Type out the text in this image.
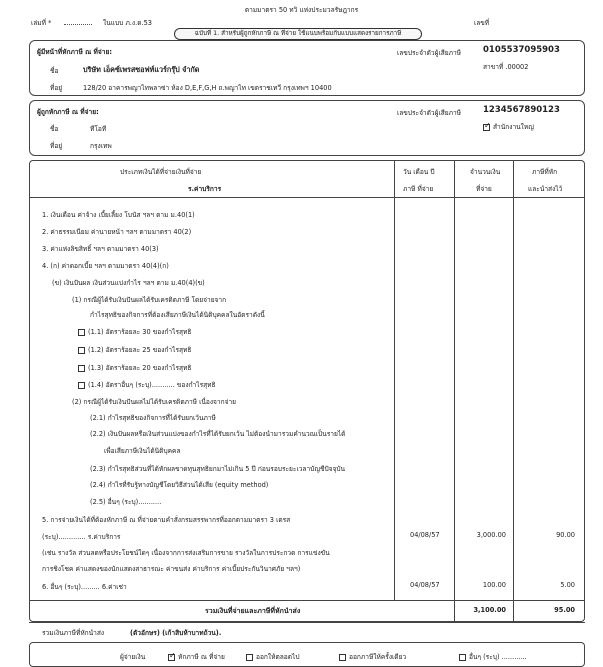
ตามมาตรา 50 ทวิ แห่งประมวลรัษฎากร
เล่มที่ *	ในแบบ ภ.ง.ด.53	เลขที่
ฉบับที่ 1. สำหรับผู้ถูกหักภาษี ณ ที่จ่าย ใช้แนบพร้อมกับแบบแสดงรายการภาษี
ผู้มีหน้าที่หักภาษี ณ ที่จ่าย:	เลขประจำตัวผู้เสียภาษี	0105537095903
สาขาที่ .00002
ชื่อ	บริษัท เอ็คซ์เพรสซอฟท์แวร์กรุ๊ป จำกัด
ที่อยู่	128/20 อาคารพญาไทพลาซ่า ห้อง D,E,F,G,H ถ.พญาไท เขตราชเทวี กรุงเทพฯ 10400
ผู้ถูกหักภาษี ณ ที่จ่าย:	เลขประจำตัวผู้เสียภาษี	1234567890123
✓สำนักงานใหญ่
ชื่อ	ทีโอที
ที่อยู่	กรุงเทพ
ประเภทเงินได้ที่จ่ายเงินที่จ่าย
ร.ค่าบริการ
วัน เดือน ปี
ภาษี ที่จ่าย
จำนวนเงิน
ที่จ่าย
ภาษีที่หัก
และนำส่งไว้
1. เงินเดือน ค่าจ้าง เบี้ยเลี้ยง โบนัส ฯลฯ ตาม ม.40(1)
2. ค่าธรรมเนียม ค่านายหน้า ฯลฯ ตามมาตรา 40(2)
3. ค่าแห่งลิขสิทธิ์ ฯลฯ ตามมาตรา 40(3)
4. (ก) ค่าดอกเบี้ย ฯลฯ ตามมาตรา 40(4)(ก)
(ข) เงินปันผล เงินส่วนแบ่งกำไร ฯลฯ ตาม ม.40(4)(ข)
(1) กรณีผู้ได้รับเงินปันผลได้รับเครดิตภาษี โดยจ่ายจาก
กำไรสุทธิของกิจการที่ต้องเสียภาษีเงินได้นิติบุคคลในอัตราดังนี้
(1.1) อัตราร้อยละ 30 ของกำไรสุทธิ
(1.2) อัตราร้อยละ 25 ของกำไรสุทธิ
(1.3) อัตราร้อยละ 20 ของกำไรสุทธิ
(1.4) อัตราอื่นๆ (ระบุ)........... ของกำไรสุทธิ
(2) กรณีผู้ได้รับเงินปันผลไม่ได้รับเครดิตภาษี เนื่องจากจ่าย
(2.1) กำไรสุทธิของกิจการที่ได้รับยกเว้นภาษี
(2.2) เงินปันผลหรือเงินส่วนแบ่งของกำไรที่ได้รับยกเว้น ไม่ต้องนำมารวมคำนวณเป็นรายได้
เพื่อเสียภาษีเงินได้นิติบุคคล
(2.3) กำไรสุทธิส่วนที่ได้หักผลขาดทุนสุทธิยกมาไม่เกิน 5 ปี ก่อนรอบระยะเวลาบัญชีปัจจุบัน
(2.4) กำไรที่รับรู้ทางบัญชีโดยวิธีส่วนได้เสีย (equity method)
(2.5) อื่นๆ (ระบุ)...........
5. การจ่ายเงินได้ที่ต้องหักภาษี ณ ที่จ่ายตามคำสั่งกรมสรรพากรที่ออกตามมาตรา 3 เตรส
(ระบุ)............. ร.ค่าบริการ
(เช่น รางวัล ส่วนลดหรือประโยชน์ใดๆ เนื่องจากการส่งเสริมการขาย รางวัลในการประกวด การแข่งขัน
การชิงโชค ค่าแสดงของนักแสดงสาธารณะ ค่าขนส่ง ค่าบริการ ค่าเบี้ยประกันวินาศภัย ฯลฯ)
6. อื่นๆ (ระบุ)......... 6.ค่าเช่า
04/08/57	3,000.00	90.00
04/08/57	100.00	5.00
รวมเงินที่จ่ายและภาษีที่หักนำส่ง	3,100.00	95.00
รวมเงินภาษีที่หักนำส่ง	(ตัวอักษร) (เก้าสิบห้าบาทถ้วน).
ผู้จ่ายเงิน
✓	หักภาษี ณ ที่จ่าย	ออกให้ตลอดไป	ออกภาษีให้ครั้งเดียว	อื่นๆ (ระบุ) ............
